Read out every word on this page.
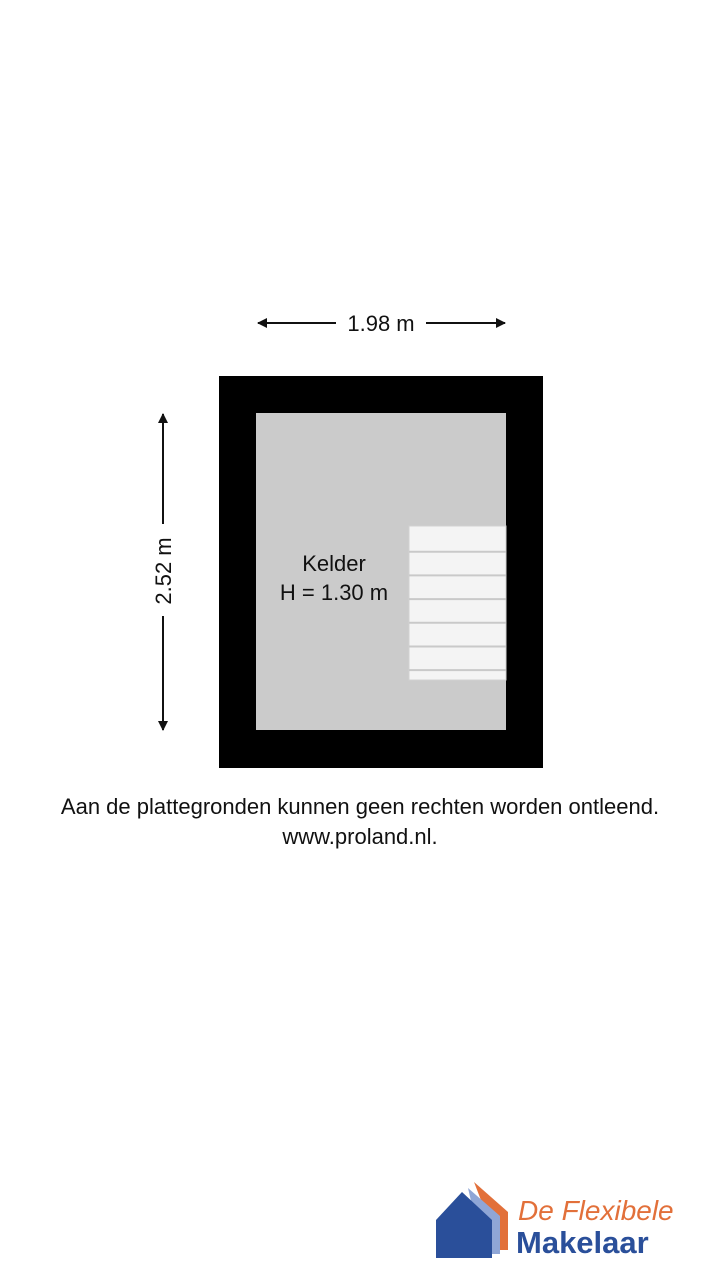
1.98 m
2.52 m	Kelder
H = 1.30 m
Aan de plattegronden kunnen geen rechten worden ontleend.
www.proland.nl.
De Flexibele
Makelaar
